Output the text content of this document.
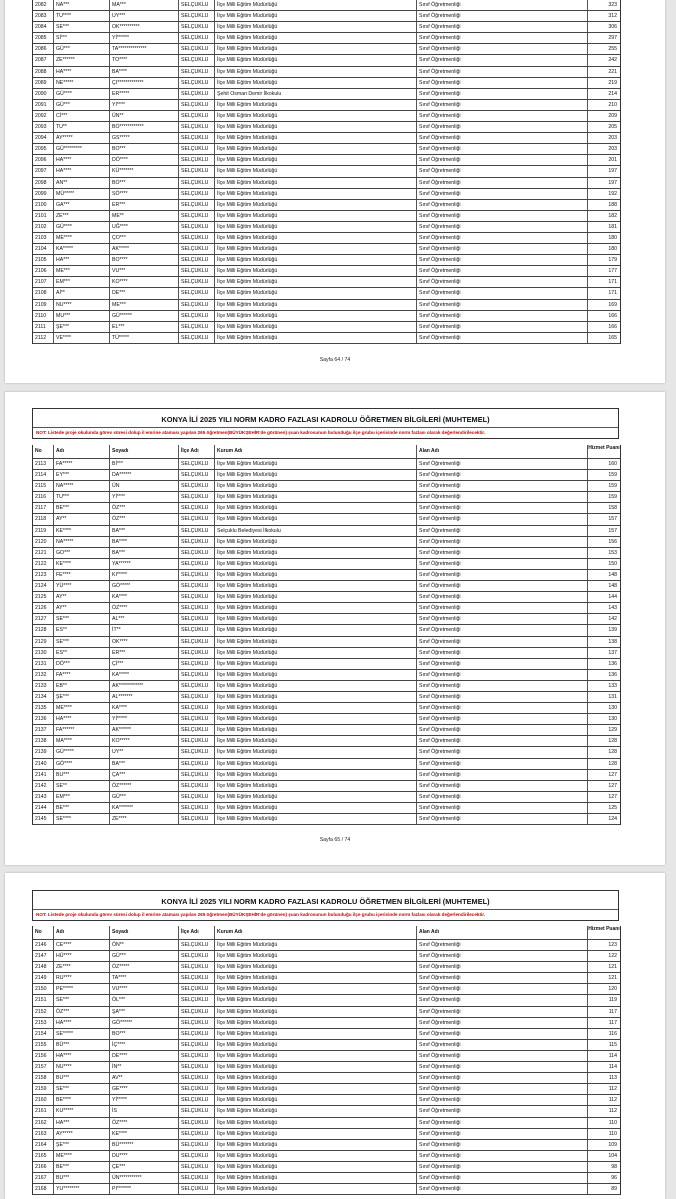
2082	NA***	MA***	SELÇUKLU	İlçe Milli Eğitim Müdürlüğü	Sınıf Öğretmenliği	323
2083	TU****	UY***	SELÇUKLU	İlçe Milli Eğitim Müdürlüğü	Sınıf Öğretmenliği	312
2084	SE***	OK**********	SELÇUKLU	İlçe Milli Eğitim Müdürlüğü	Sınıf Öğretmenliği	306
2085	Sİ***	Yİ******	SELÇUKLU	İlçe Milli Eğitim Müdürlüğü	Sınıf Öğretmenliği	297
2086	GÜ***	TA**************	SELÇUKLU	İlçe Milli Eğitim Müdürlüğü	Sınıf Öğretmenliği	255
2087	ZE******	TO****	SELÇUKLU	İlçe Milli Eğitim Müdürlüğü	Sınıf Öğretmenliği	242
2088	HA****	BA****	SELÇUKLU	İlçe Milli Eğitim Müdürlüğü	Sınıf Öğretmenliği	221
2089	NE*****	ÇI*************	SELÇUKLU	İlçe Milli Eğitim Müdürlüğü	Sınıf Öğretmenliği	219
2090	GÜ****	ER*****	SELÇUKLU	Şehit Osman Demir İlkokulu	Sınıf Öğretmenliği	214
2091	GÜ***	YI****	SELÇUKLU	İlçe Milli Eğitim Müdürlüğü	Sınıf Öğretmenliği	210
2092	Cİ***	ÜN**	SELÇUKLU	İlçe Milli Eğitim Müdürlüğü	Sınıf Öğretmenliği	209
2093	TU**	BO************	SELÇUKLU	İlçe Milli Eğitim Müdürlüğü	Sınıf Öğretmenliği	205
2094	AY*****	GS*****	SELÇUKLU	İlçe Milli Eğitim Müdürlüğü	Sınıf Öğretmenliği	203
2095	GÜ*********	BO***	SELÇUKLU	İlçe Milli Eğitim Müdürlüğü	Sınıf Öğretmenliği	203
2096	HA****	DÖ****	SELÇUKLU	İlçe Milli Eğitim Müdürlüğü	Sınıf Öğretmenliği	201
2097	HA****	KÜ*******	SELÇUKLU	İlçe Milli Eğitim Müdürlüğü	Sınıf Öğretmenliği	197
2098	AN**	BO***	SELÇUKLU	İlçe Milli Eğitim Müdürlüğü	Sınıf Öğretmenliği	197
2099	MÜ*****	SÖ****	SELÇUKLU	İlçe Milli Eğitim Müdürlüğü	Sınıf Öğretmenliği	192
2100	GA***	ER***	SELÇUKLU	İlçe Milli Eğitim Müdürlüğü	Sınıf Öğretmenliği	188
2101	ZE***	ME**	SELÇUKLU	İlçe Milli Eğitim Müdürlüğü	Sınıf Öğretmenliği	182
2102	GÜ****	UĞ****	SELÇUKLU	İlçe Milli Eğitim Müdürlüğü	Sınıf Öğretmenliği	181
2103	ME****	ÇO***	SELÇUKLU	İlçe Milli Eğitim Müdürlüğü	Sınıf Öğretmenliği	180
2104	KA*****	AK*****	SELÇUKLU	İlçe Milli Eğitim Müdürlüğü	Sınıf Öğretmenliği	180
2105	HA***	BO****	SELÇUKLU	İlçe Milli Eğitim Müdürlüğü	Sınıf Öğretmenliği	179
2106	ME***	VU***	SELÇUKLU	İlçe Milli Eğitim Müdürlüğü	Sınıf Öğretmenliği	177
2107	EM***	KO****	SELÇUKLU	İlçe Milli Eğitim Müdürlüğü	Sınıf Öğretmenliği	171
2108	Aİ**	DE***	SELÇUKLU	İlçe Milli Eğitim Müdürlüğü	Sınıf Öğretmenliği	171
2109	NU****	ME***	SELÇUKLU	İlçe Milli Eğitim Müdürlüğü	Sınıf Öğretmenliği	169
2110	MU***	GÜ******	SELÇUKLU	İlçe Milli Eğitim Müdürlüğü	Sınıf Öğretmenliği	166
2111	ŞE***	EL***	SELÇUKLU	İlçe Milli Eğitim Müdürlüğü	Sınıf Öğretmenliği	166
2112	VE****	TÜ*****	SELÇUKLU	İlçe Milli Eğitim Müdürlüğü	Sınıf Öğretmenliği	165
Sayfa 64 / 74
KONYA İLİ 2025 YILI NORM KADRO FAZLASI KADROLU ÖĞRETMEN BİLGİLERİ (MUHTEMEL)
NOT: Listede proje okulunda görev süresi dolup il emrine ataması yapılan 265 öğretmen(BÜYÜKŞEHİR'de görünen) şuan kadrosunun bulunduğu ilçe grubu içerisinde norm fazlası olarak değerlendirilecektir.
No	Adı	Soyadı	İlçe Adı	Kurum Adı	Alan Adı	Hizmet Puanı
2113	FA*****	Bİ***	SELÇUKLU	İlçe Milli Eğitim Müdürlüğü	Sınıf Öğretmenliği	160
2114	EY***	DA******	SELÇUKLU	İlçe Milli Eğitim Müdürlüğü	Sınıf Öğretmenliği	159
2115	NA*****	ÜN	SELÇUKLU	İlçe Milli Eğitim Müdürlüğü	Sınıf Öğretmenliği	159
2116	TU***	Yİ****	SELÇUKLU	İlçe Milli Eğitim Müdürlüğü	Sınıf Öğretmenliği	159
2117	BE***	ÖZ***	SELÇUKLU	İlçe Milli Eğitim Müdürlüğü	Sınıf Öğretmenliği	158
2118	AY**	ÖZ***	SELÇUKLU	İlçe Milli Eğitim Müdürlüğü	Sınıf Öğretmenliği	157
2119	KE****	BA***	SELÇUKLU	Selçuklu Belediyesi İlkokulu	Sınıf Öğretmenliği	157
2120	NA*****	BA****	SELÇUKLU	İlçe Milli Eğitim Müdürlüğü	Sınıf Öğretmenliği	156
2121	GO***	BA***	SELÇUKLU	İlçe Milli Eğitim Müdürlüğü	Sınıf Öğretmenliği	153
2122	KE****	YA******	SELÇUKLU	İlçe Milli Eğitim Müdürlüğü	Sınıf Öğretmenliği	150
2123	FE****	KI*****	SELÇUKLU	İlçe Milli Eğitim Müdürlüğü	Sınıf Öğretmenliği	148
2124	YÜ****	GÖ*****	SELÇUKLU	İlçe Milli Eğitim Müdürlüğü	Sınıf Öğretmenliği	148
2125	AY**	KA****	SELÇUKLU	İlçe Milli Eğitim Müdürlüğü	Sınıf Öğretmenliği	144
2126	AY**	ÖZ****	SELÇUKLU	İlçe Milli Eğitim Müdürlüğü	Sınıf Öğretmenliği	143
2127	SE***	AL***	SELÇUKLU	İlçe Milli Eğitim Müdürlüğü	Sınıf Öğretmenliği	142
2128	ES**	İT**	SELÇUKLU	İlçe Milli Eğitim Müdürlüğü	Sınıf Öğretmenliği	139
2129	SE***	OK****	SELÇUKLU	İlçe Milli Eğitim Müdürlüğü	Sınıf Öğretmenliği	138
2130	ES**	ER***	SELÇUKLU	İlçe Milli Eğitim Müdürlüğü	Sınıf Öğretmenliği	137
2131	DÖ***	Çİ***	SELÇUKLU	İlçe Milli Eğitim Müdürlüğü	Sınıf Öğretmenliği	136
2132	FA****	KA*****	SELÇUKLU	İlçe Milli Eğitim Müdürlüğü	Sınıf Öğretmenliği	136
2133	EB**	AK************	SELÇUKLU	İlçe Milli Eğitim Müdürlüğü	Sınıf Öğretmenliği	133
2134	ŞE***	AL*******	SELÇUKLU	İlçe Milli Eğitim Müdürlüğü	Sınıf Öğretmenliği	131
2135	ME****	KA****	SELÇUKLU	İlçe Milli Eğitim Müdürlüğü	Sınıf Öğretmenliği	130
2136	HA****	Yİ*****	SELÇUKLU	İlçe Milli Eğitim Müdürlüğü	Sınıf Öğretmenliği	130
2137	FA******	AK******	SELÇUKLU	İlçe Milli Eğitim Müdürlüğü	Sınıf Öğretmenliği	129
2138	MA****	KO*****	SELÇUKLU	İlçe Milli Eğitim Müdürlüğü	Sınıf Öğretmenliği	128
2139	GÜ*****	UY**	SELÇUKLU	İlçe Milli Eğitim Müdürlüğü	Sınıf Öğretmenliği	128
2140	GÖ****	BA***	SELÇUKLU	İlçe Milli Eğitim Müdürlüğü	Sınıf Öğretmenliği	128
2141	BU***	ÇA***	SELÇUKLU	İlçe Milli Eğitim Müdürlüğü	Sınıf Öğretmenliği	127
2142	SE**	ÖZ******	SELÇUKLU	İlçe Milli Eğitim Müdürlüğü	Sınıf Öğretmenliği	127
2143	EM***	GÜ***	SELÇUKLU	İlçe Milli Eğitim Müdürlüğü	Sınıf Öğretmenliği	127
2144	BE***	KA*******	SELÇUKLU	İlçe Milli Eğitim Müdürlüğü	Sınıf Öğretmenliği	125
2145	SE****	ZE****	SELÇUKLU	İlçe Milli Eğitim Müdürlüğü	Sınıf Öğretmenliği	124
Sayfa 65 / 74
KONYA İLİ 2025 YILI NORM KADRO FAZLASI KADROLU ÖĞRETMEN BİLGİLERİ (MUHTEMEL)
NOT: Listede proje okulunda görev süresi dolup il emrine ataması yapılan 265 öğretmen(BÜYÜKŞEHİR'de görünen) şuan kadrosunun bulunduğu ilçe grubu içerisinde norm fazlası olarak değerlendirilecektir.
No	Adı	Soyadı	İlçe Adı	Kurum Adı	Alan Adı	Hizmet Puanı
2146	CE****	ÖN**	SELÇUKLU	İlçe Milli Eğitim Müdürlüğü	Sınıf Öğretmenliği	123
2147	HÜ****	GÜ***	SELÇUKLU	İlçe Milli Eğitim Müdürlüğü	Sınıf Öğretmenliği	122
2148	ZE****	ÖZ*****	SELÇUKLU	İlçe Milli Eğitim Müdürlüğü	Sınıf Öğretmenliği	121
2149	RU****	TA****	SELÇUKLU	İlçe Milli Eğitim Müdürlüğü	Sınıf Öğretmenliği	121
2150	PE*****	VU****	SELÇUKLU	İlçe Milli Eğitim Müdürlüğü	Sınıf Öğretmenliği	120
2151	SE***	ÖL***	SELÇUKLU	İlçe Milli Eğitim Müdürlüğü	Sınıf Öğretmenliği	119
2152	ÖZ***	ŞA***	SELÇUKLU	İlçe Milli Eğitim Müdürlüğü	Sınıf Öğretmenliği	117
2153	HA****	GÖ******	SELÇUKLU	İlçe Milli Eğitim Müdürlüğü	Sınıf Öğretmenliği	117
2154	SE*****	BO***	SELÇUKLU	İlçe Milli Eğitim Müdürlüğü	Sınıf Öğretmenliği	116
2155	BÜ***	İÇ****	SELÇUKLU	İlçe Milli Eğitim Müdürlüğü	Sınıf Öğretmenliği	115
2156	HA****	DE****	SELÇUKLU	İlçe Milli Eğitim Müdürlüğü	Sınıf Öğretmenliği	114
2157	NU****	İN**	SELÇUKLU	İlçe Milli Eğitim Müdürlüğü	Sınıf Öğretmenliği	114
2158	BU***	AV**	SELÇUKLU	İlçe Milli Eğitim Müdürlüğü	Sınıf Öğretmenliği	113
2159	SE***	GE****	SELÇUKLU	İlçe Milli Eğitim Müdürlüğü	Sınıf Öğretmenliği	112
2160	BE****	Yİ*****	SELÇUKLU	İlçe Milli Eğitim Müdürlüğü	Sınıf Öğretmenliği	112
2161	KU*****	İS	SELÇUKLU	İlçe Milli Eğitim Müdürlüğü	Sınıf Öğretmenliği	112
2162	HA***	ÖZ****	SELÇUKLU	İlçe Milli Eğitim Müdürlüğü	Sınıf Öğretmenliği	110
2163	AY*****	KE****	SELÇUKLU	İlçe Milli Eğitim Müdürlüğü	Sınıf Öğretmenliği	110
2164	ŞE***	BÜ*******	SELÇUKLU	İlçe Milli Eğitim Müdürlüğü	Sınıf Öğretmenliği	109
2165	ME****	DU****	SELÇUKLU	İlçe Milli Eğitim Müdürlüğü	Sınıf Öğretmenliği	104
2166	BE***	ÇE***	SELÇUKLU	İlçe Milli Eğitim Müdürlüğü	Sınıf Öğretmenliği	98
2167	BU***	ÜN***********	SELÇUKLU	İlçe Milli Eğitim Müdürlüğü	Sınıf Öğretmenliği	96
2168	YU********	PI*******	SELÇUKLU	İlçe Milli Eğitim Müdürlüğü	Sınıf Öğretmenliği	89
